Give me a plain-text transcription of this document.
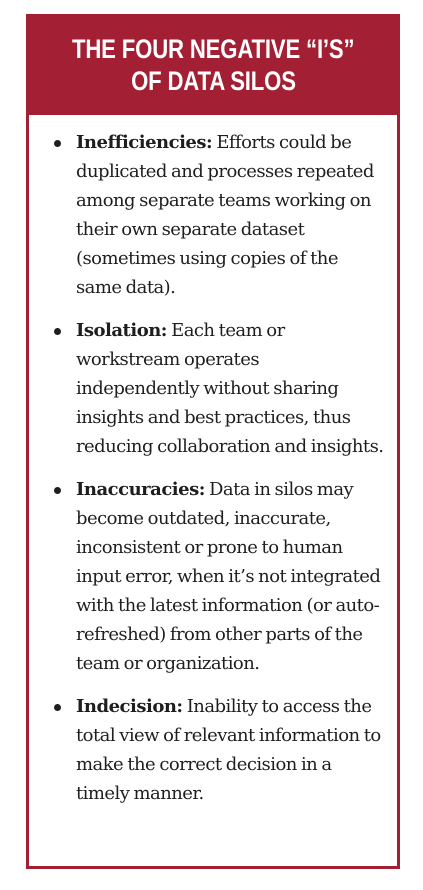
THE FOUR NEGATIVE “I’S”
OF DATA SILOS
Inefficiencies: Efforts could be duplicated and processes repeated among separate teams working on their own separate dataset (sometimes using copies of the same data).
Isolation: Each team or workstream operates independently without sharing insights and best practices, thus reducing collaboration and insights.
Inaccuracies: Data in silos may become outdated, inaccurate, inconsistent or prone to human input error, when it’s not integrated with the latest information (or auto-refreshed) from other parts of the team or organization.
Indecision: Inability to access the total view of relevant information to make the correct decision in a timely manner.
